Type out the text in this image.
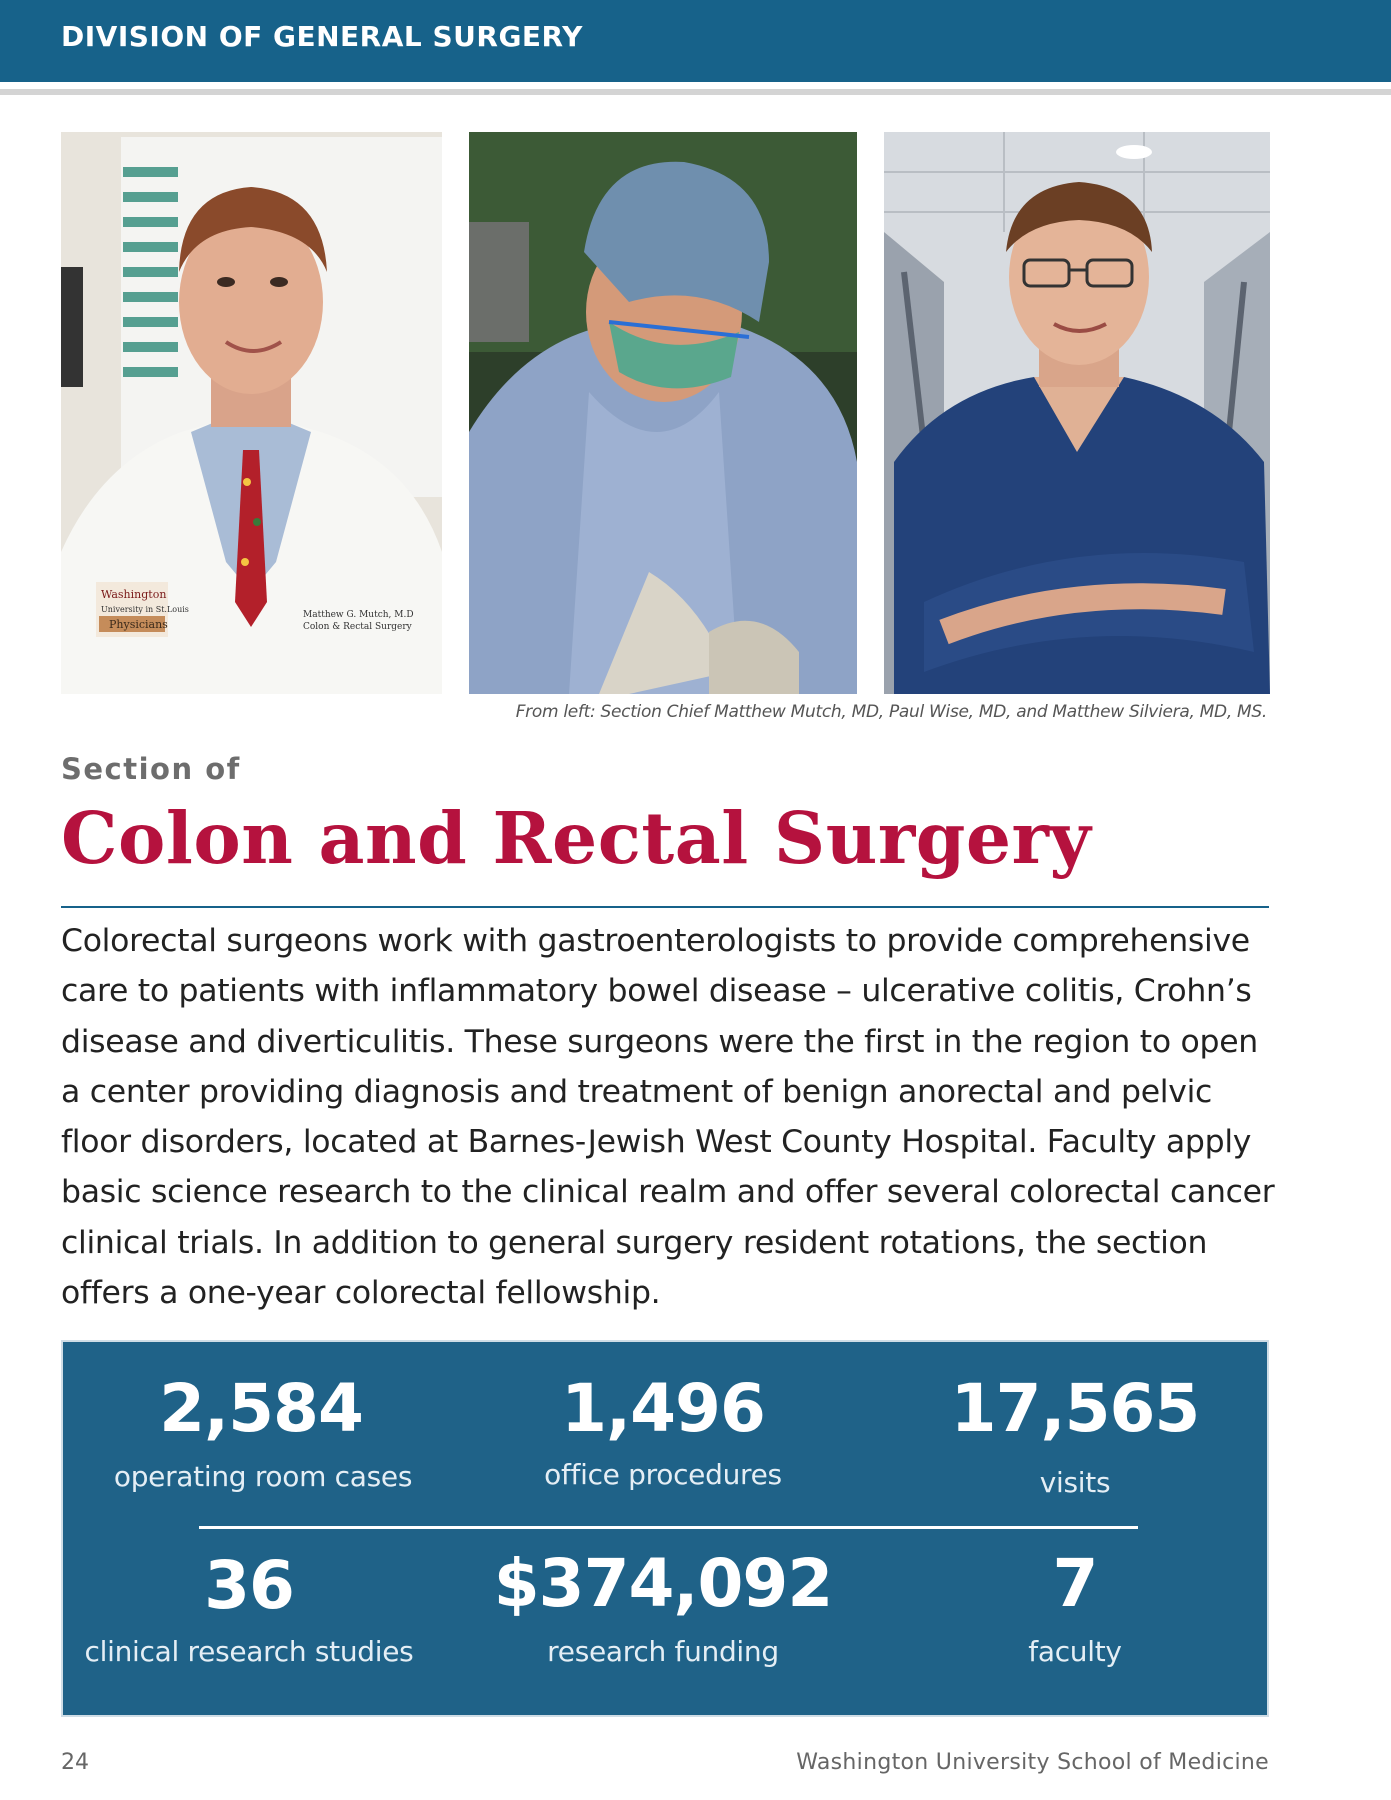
DIVISION OF GENERAL SURGERY
Washington
University in St.Louis
Physicians
Matthew G. Mutch, M.D
Colon & Rectal Surgery
From left: Section Chief Matthew Mutch, MD, Paul Wise, MD, and Matthew Silviera, MD, MS.
Section of
Colon and Rectal Surgery
Colorectal surgeons work with gastroenterologists to provide comprehensive
care to patients with inflammatory bowel disease – ulcerative colitis, Crohn’s
disease and diverticulitis. These surgeons were the first in the region to open
a center providing diagnosis and treatment of benign anorectal and pelvic
floor disorders, located at Barnes-Jewish West County Hospital. Faculty apply
basic science research to the clinical realm and offer several colorectal cancer
clinical trials. In addition to general surgery resident rotations, the section
offers a one-year colorectal fellowship.
2,584
operating room cases
1,496
office procedures
17,565
visits
36
clinical research studies
$374,092
research funding
7
faculty
24	Washington University School of Medicine
